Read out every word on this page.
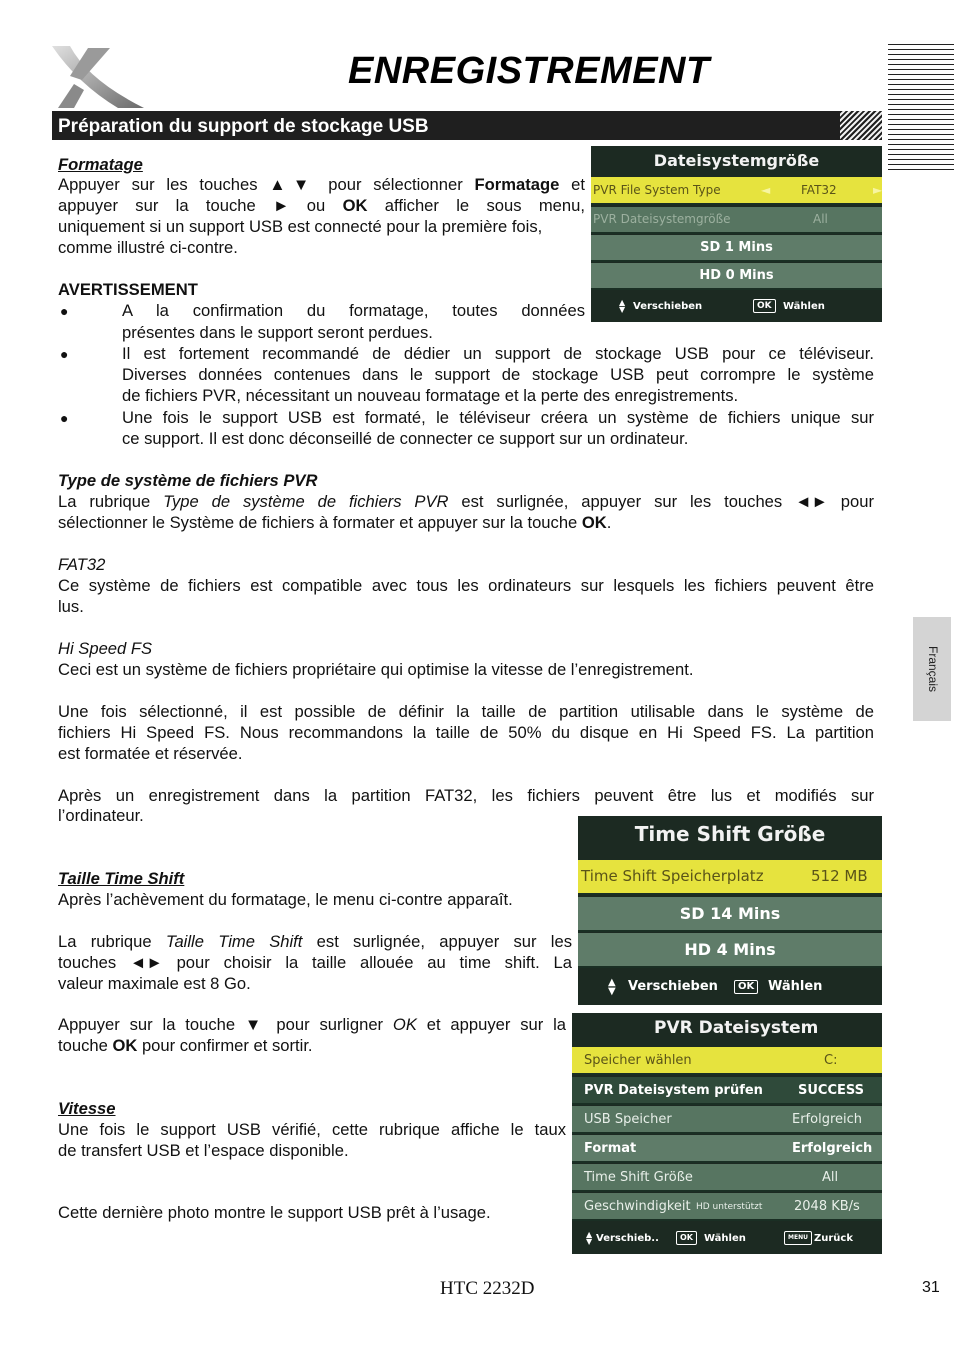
ENREGISTREMENT
Préparation du support de stockage USB
Formatage
Appuyer sur les touches ▲▼ pour sélectionner Formatage et
appuyer sur la touche ► ou OK afficher le sous menu,
uniquement si un support USB est connecté pour la première fois,
comme illustré ci-contre.
Dateisystemgröße
PVR File System Type	◄	FAT32	►
PVR Dateisystemgröße	All
SD 1 Mins
HD 0 Mins
▲
▼ Verschieben	OK	Wählen
AVERTISSEMENT
●	A la confirmation du formatage, toutes données
présentes dans le support seront perdues.
●	Il est fortement recommandé de dédier un support de stockage USB pour ce téléviseur.
Diverses données contenues dans le support de stockage USB peut corrompre le système
de fichiers PVR, nécessitant un nouveau formatage et la perte des enregistrements.
●	Une fois le support USB est formaté, le téléviseur créera un système de fichiers unique sur
ce support. Il est donc déconseillé de connecter ce support sur un ordinateur.
Type de système de fichiers PVR
La rubrique Type de système de fichiers PVR est surlignée, appuyer sur les touches ◄► pour
sélectionner le Système de fichiers à formater et appuyer sur la touche OK.
FAT32
Ce système de fichiers est compatible avec tous les ordinateurs sur lesquels les fichiers peuvent être
lus.
Hi Speed FS
Ceci est un système de fichiers propriétaire qui optimise la vitesse de l’enregistrement.
Une fois sélectionné, il est possible de définir la taille de partition utilisable dans le système de
fichiers Hi Speed FS. Nous recommandons la taille de 50% du disque en Hi Speed FS. La partition
est formatée et réservée.
Après un enregistrement dans la partition FAT32, les fichiers peuvent être lus et modifiés sur
l’ordinateur.
Time Shift Größe
Time Shift Speicherplatz	512 MB
SD 14 Mins
HD 4 Mins
▲
▼ Verschieben	OK	Wählen
Taille Time Shift
Après l’achèvement du formatage, le menu ci-contre apparaît.
La rubrique Taille Time Shift est surlignée, appuyer sur les
touches ◄► pour choisir la taille allouée au time shift. La
valeur maximale est 8 Go.
Appuyer sur la touche ▼ pour surligner OK et appuyer sur la
touche OK pour confirmer et sortir.
PVR Dateisystem
Speicher wählen	C:
PVR Dateisystem prüfen	SUCCESS
USB Speicher	Erfolgreich
Format	Erfolgreich
Time Shift Größe	All
Geschwindigkeit HD unterstützt 2048 KB/s
▲
▼ Verschieb..	OK	Wählen	MENU Zurück
Vitesse
Une fois le support USB vérifié, cette rubrique affiche le taux
de transfert USB et l’espace disponible.
Cette dernière photo montre le support USB prêt à l’usage.
Français
HTC 2232D	31
